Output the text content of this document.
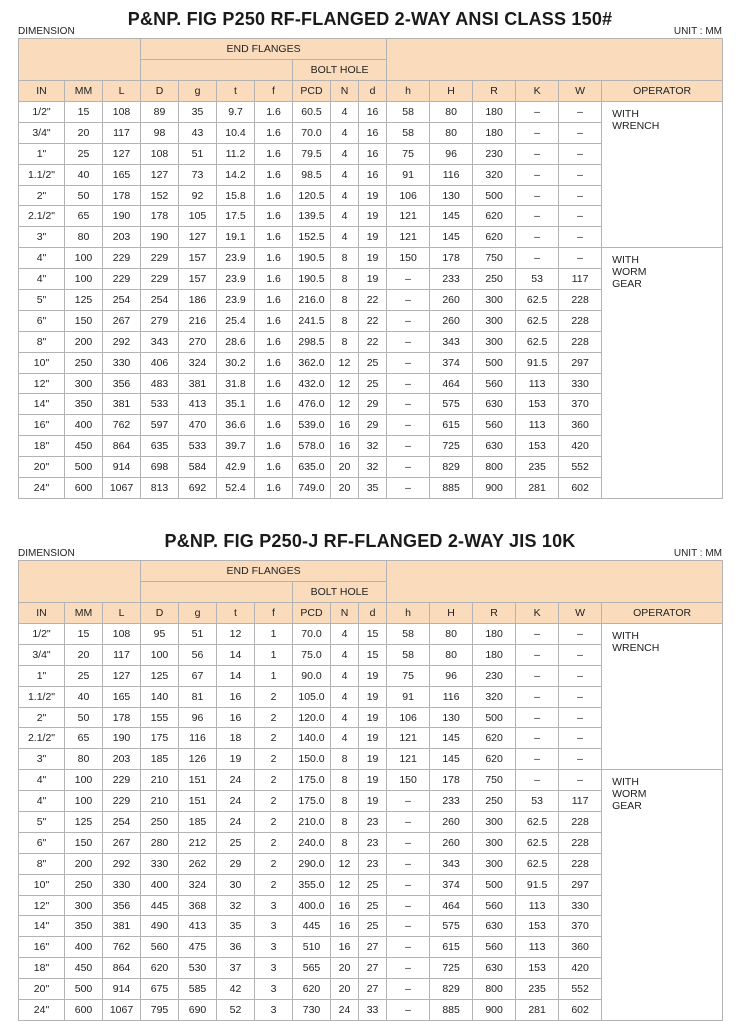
DIMENSION
P&NP. FIG P250 RF-FLANGED 2-WAY ANSI CLASS 150#
UNIT : MM
			END FLANGES												
							BOLT HOLE								
IN	MM	L	D	g	t	f	PCD	N	d	h	H	R	K	W	OPERATOR
1/2"	15	108	89	35	9.7	1.6	60.5	4	16	58	80	180	–	–	WITH
WRENCH
3/4"	20	117	98	43	10.4	1.6	70.0	4	16	58	80	180	–	–	
1"	25	127	108	51	11.2	1.6	79.5	4	16	75	96	230	–	–	
1.1/2"	40	165	127	73	14.2	1.6	98.5	4	16	91	116	320	–	–	
2"	50	178	152	92	15.8	1.6	120.5	4	19	106	130	500	–	–	
2.1/2"	65	190	178	105	17.5	1.6	139.5	4	19	121	145	620	–	–	
3"	80	203	190	127	19.1	1.6	152.5	4	19	121	145	620	–	–	
4"	100	229	229	157	23.9	1.6	190.5	8	19	150	178	750	–	–	WITH
WORM
GEAR
4"	100	229	229	157	23.9	1.6	190.5	8	19	–	233	250	53	117	
5"	125	254	254	186	23.9	1.6	216.0	8	22	–	260	300	62.5	228	
6"	150	267	279	216	25.4	1.6	241.5	8	22	–	260	300	62.5	228	
8"	200	292	343	270	28.6	1.6	298.5	8	22	–	343	300	62.5	228	
10"	250	330	406	324	30.2	1.6	362.0	12	25	–	374	500	91.5	297	
12"	300	356	483	381	31.8	1.6	432.0	12	25	–	464	560	113	330	
14"	350	381	533	413	35.1	1.6	476.0	12	29	–	575	630	153	370	
16"	400	762	597	470	36.6	1.6	539.0	16	29	–	615	560	113	360	
18"	450	864	635	533	39.7	1.6	578.0	16	32	–	725	630	153	420	
20"	500	914	698	584	42.9	1.6	635.0	20	32	–	829	800	235	552	
24"	600	1067	813	692	52.4	1.6	749.0	20	35	–	885	900	281	602	
DIMENSION
P&NP. FIG P250-J RF-FLANGED 2-WAY JIS 10K
UNIT : MM
			END FLANGES												
							BOLT HOLE								
IN	MM	L	D	g	t	f	PCD	N	d	h	H	R	K	W	OPERATOR
1/2"	15	108	95	51	12	1	70.0	4	15	58	80	180	–	–	WITH
WRENCH
3/4"	20	117	100	56	14	1	75.0	4	15	58	80	180	–	–	
1"	25	127	125	67	14	1	90.0	4	19	75	96	230	–	–	
1.1/2"	40	165	140	81	16	2	105.0	4	19	91	116	320	–	–	
2"	50	178	155	96	16	2	120.0	4	19	106	130	500	–	–	
2.1/2"	65	190	175	116	18	2	140.0	4	19	121	145	620	–	–	
3"	80	203	185	126	19	2	150.0	8	19	121	145	620	–	–	
4"	100	229	210	151	24	2	175.0	8	19	150	178	750	–	–	WITH
WORM
GEAR
4"	100	229	210	151	24	2	175.0	8	19	–	233	250	53	117	
5"	125	254	250	185	24	2	210.0	8	23	–	260	300	62.5	228	
6"	150	267	280	212	25	2	240.0	8	23	–	260	300	62.5	228	
8"	200	292	330	262	29	2	290.0	12	23	–	343	300	62.5	228	
10"	250	330	400	324	30	2	355.0	12	25	–	374	500	91.5	297	
12"	300	356	445	368	32	3	400.0	16	25	–	464	560	113	330	
14"	350	381	490	413	35	3	445	16	25	–	575	630	153	370	
16"	400	762	560	475	36	3	510	16	27	–	615	560	113	360	
18"	450	864	620	530	37	3	565	20	27	–	725	630	153	420	
20"	500	914	675	585	42	3	620	20	27	–	829	800	235	552	
24"	600	1067	795	690	52	3	730	24	33	–	885	900	281	602	
